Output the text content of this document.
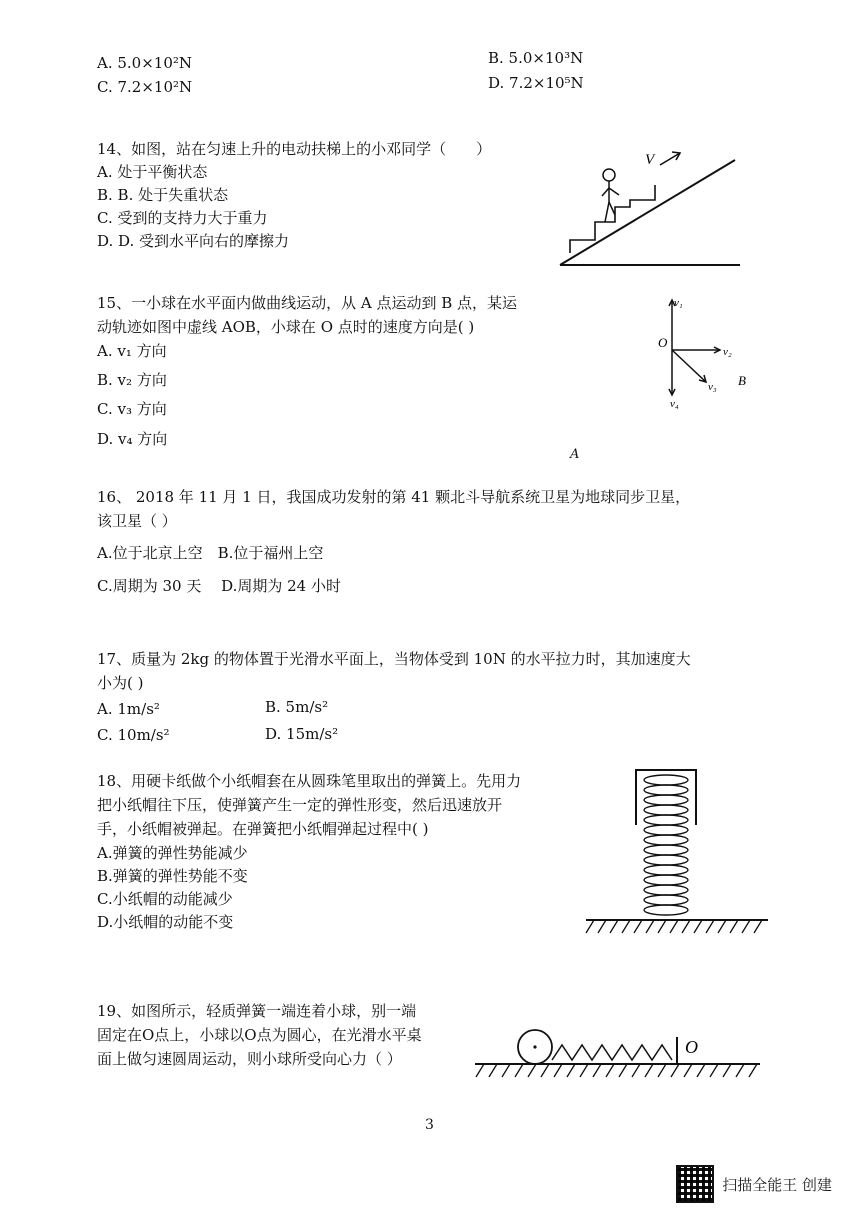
A. 5.0×10²N	B. 5.0×10³N
C. 7.2×10²N	D. 7.2×10⁵N
14、如图，站在匀速上升的电动扶梯上的小邓同学（　　）
A. 处于平衡状态
B. B. 处于失重状态
C. 受到的支持力大于重力
D. D. 受到水平向右的摩擦力
V
15、一小球在水平面内做曲线运动，从 A 点运动到 B 点，某运
动轨迹如图中虚线 AOB，小球在 O 点时的速度方向是( )
A. v₁ 方向
B. v₂ 方向
C. v₃ 方向
D. v₄ 方向
O
v₁
v₂
v₃
v₄
B
A
16、 2018 年 11 月 1 日，我国成功发射的第 41 颗北斗导航系统卫星为地球同步卫星，
该卫星（ ）
A.位于北京上空　B.位于福州上空
C.周期为 30 天　 D.周期为 24 小时
17、质量为 2kg 的物体置于光滑水平面上，当物体受到 10N 的水平拉力时，其加速度大
小为( )
A. 1m/s²	B. 5m/s²
C. 10m/s²	D. 15m/s²
18、用硬卡纸做个小纸帽套在从圆珠笔里取出的弹簧上。先用力
把小纸帽往下压，使弹簧产生一定的弹性形变，然后迅速放开
手，小纸帽被弹起。在弹簧把小纸帽弹起过程中( )
A.弹簧的弹性势能减少
B.弹簧的弹性势能不变
C.小纸帽的动能减少
D.小纸帽的动能不变
19、如图所示，轻质弹簧一端连着小球，别一端
固定在O点上，小球以O点为圆心，在光滑水平桌
面上做匀速圆周运动，则小球所受向心力（ ）
O
3
扫描全能王 创建
